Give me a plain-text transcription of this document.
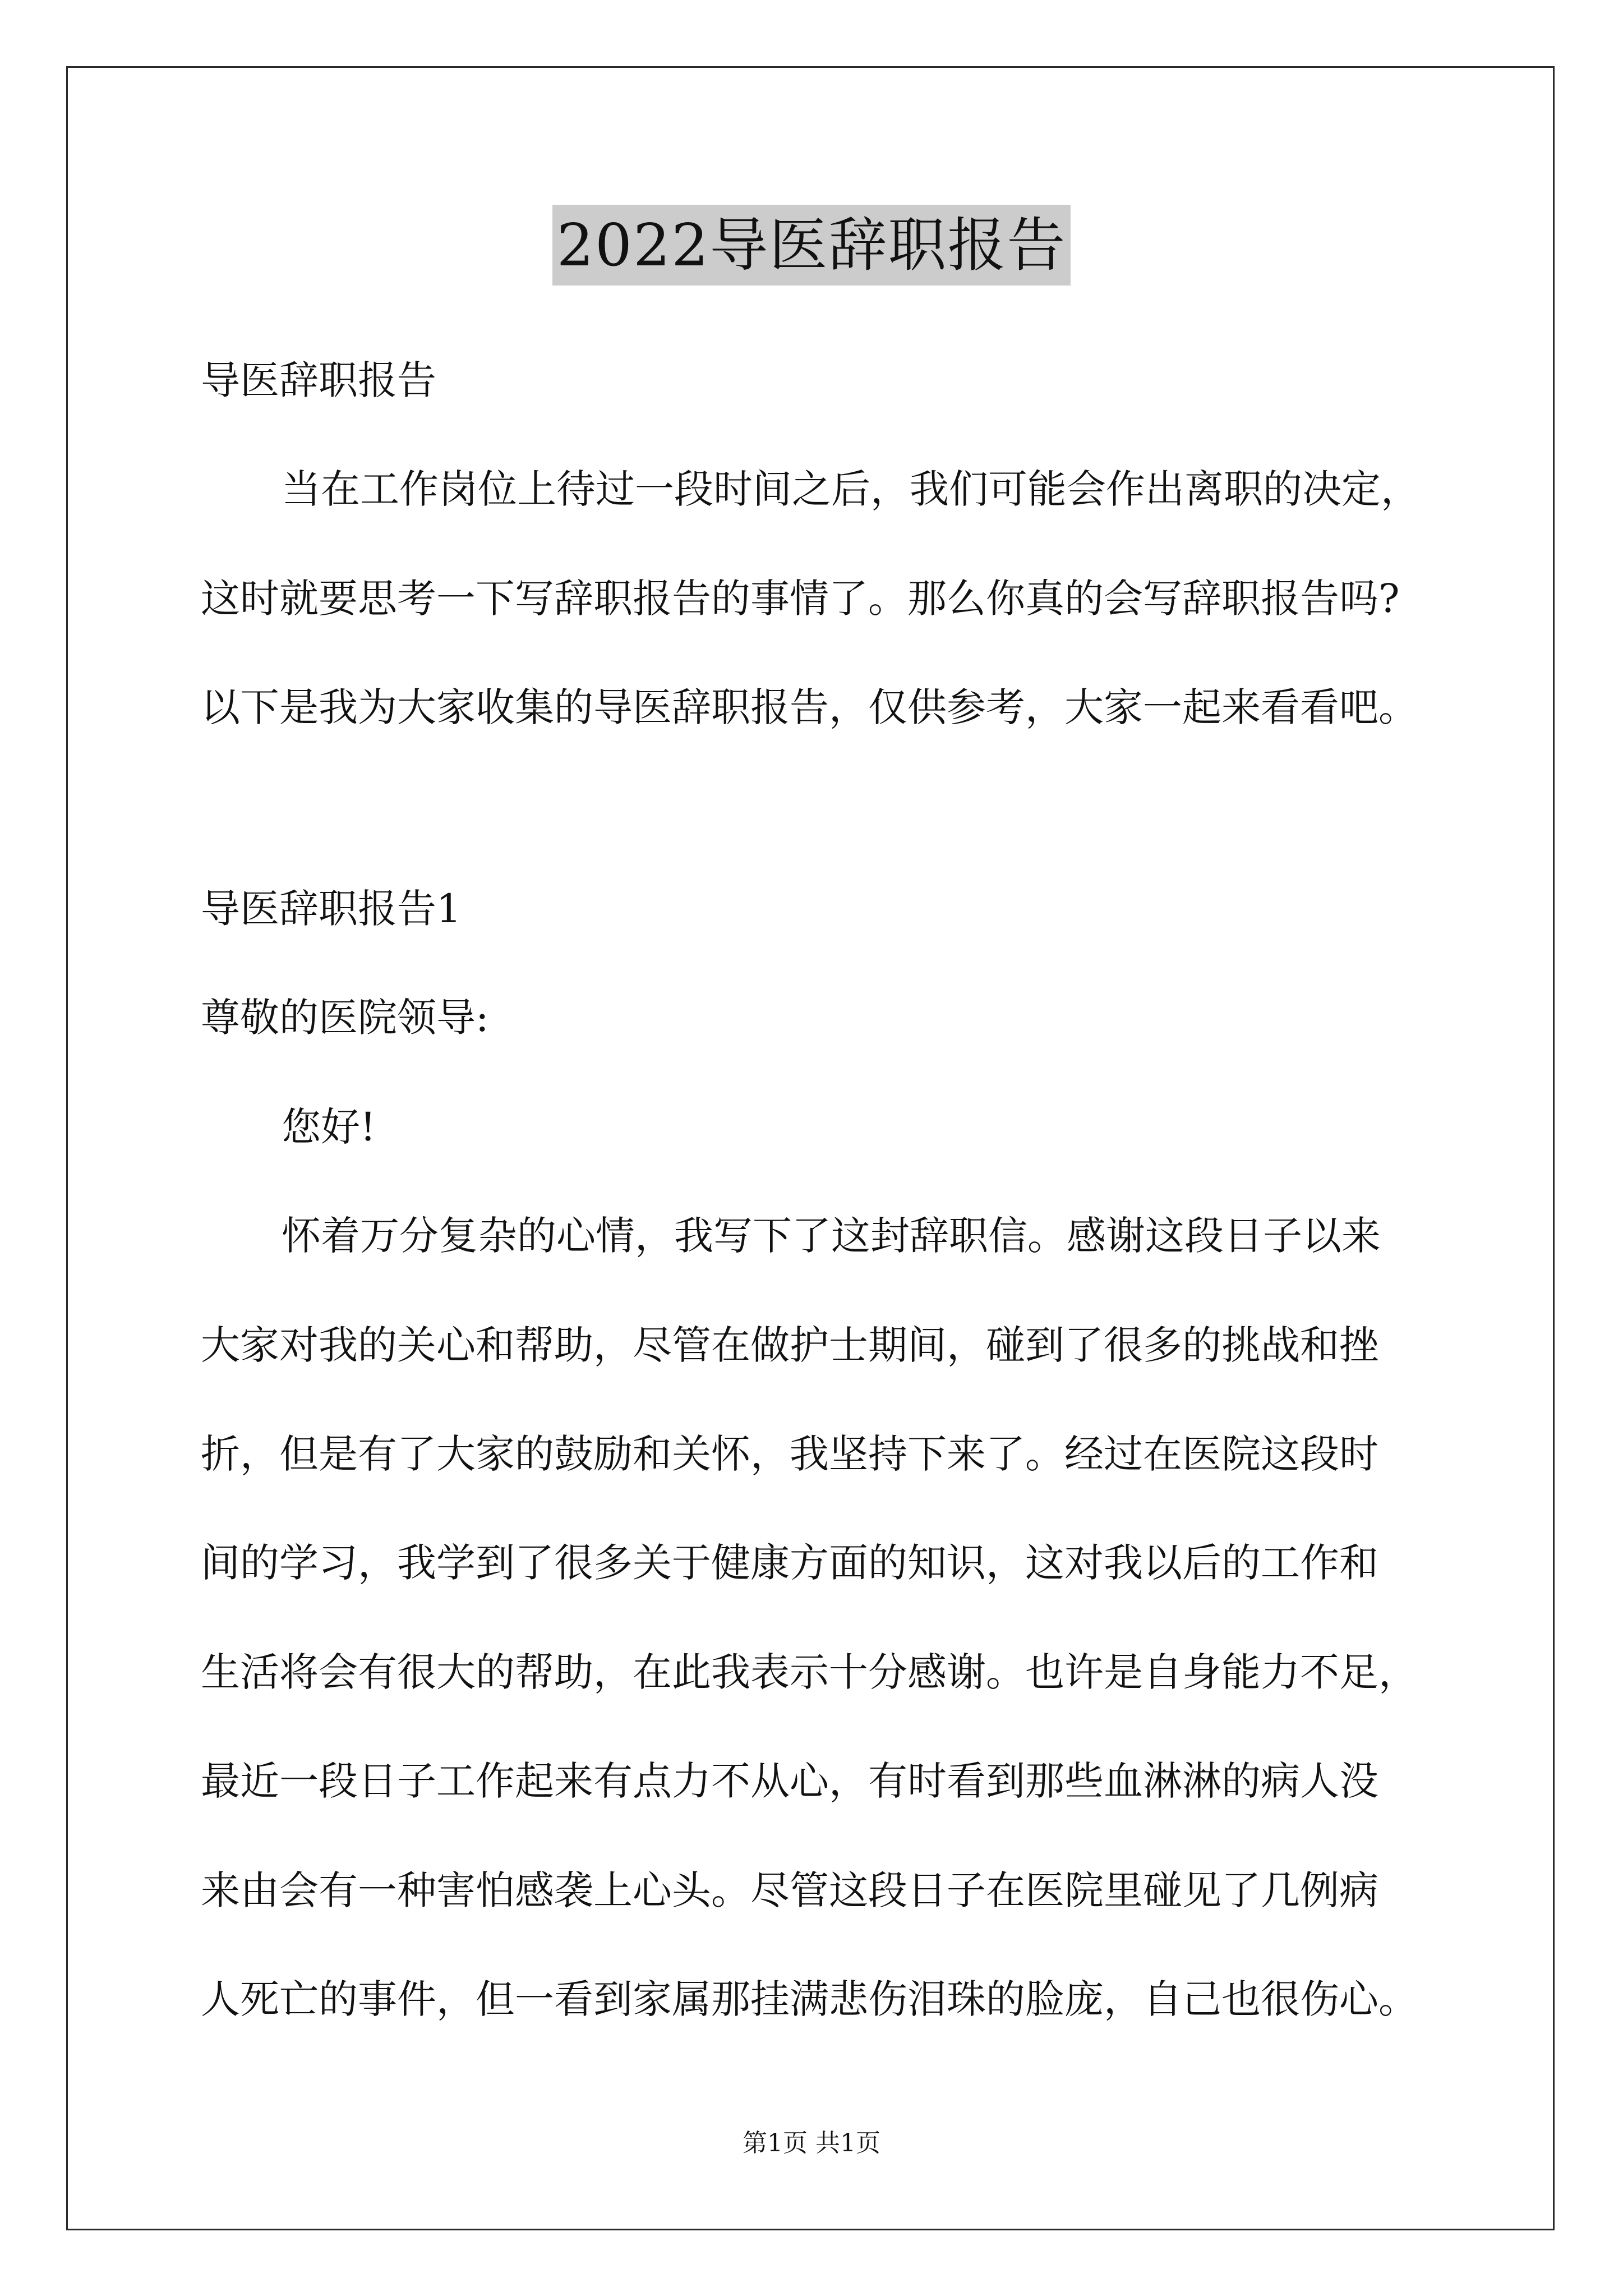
2022导医辞职报告
导医辞职报告
当在工作岗位上待过一段时间之后，我们可能会作出离职的决定，
这时就要思考一下写辞职报告的事情了。那么你真的会写辞职报告吗?
以下是我为大家收集的导医辞职报告，仅供参考，大家一起来看看吧。
导医辞职报告1
尊敬的医院领导:
您好!
怀着万分复杂的心情，我写下了这封辞职信。感谢这段日子以来
大家对我的关心和帮助，尽管在做护士期间，碰到了很多的挑战和挫
折，但是有了大家的鼓励和关怀，我坚持下来了。经过在医院这段时
间的学习，我学到了很多关于健康方面的知识，这对我以后的工作和
生活将会有很大的帮助，在此我表示十分感谢。也许是自身能力不足，
最近一段日子工作起来有点力不从心，有时看到那些血淋淋的病人没
来由会有一种害怕感袭上心头。尽管这段日子在医院里碰见了几例病
人死亡的事件，但一看到家属那挂满悲伤泪珠的脸庞，自己也很伤心。
第1页 共1页
